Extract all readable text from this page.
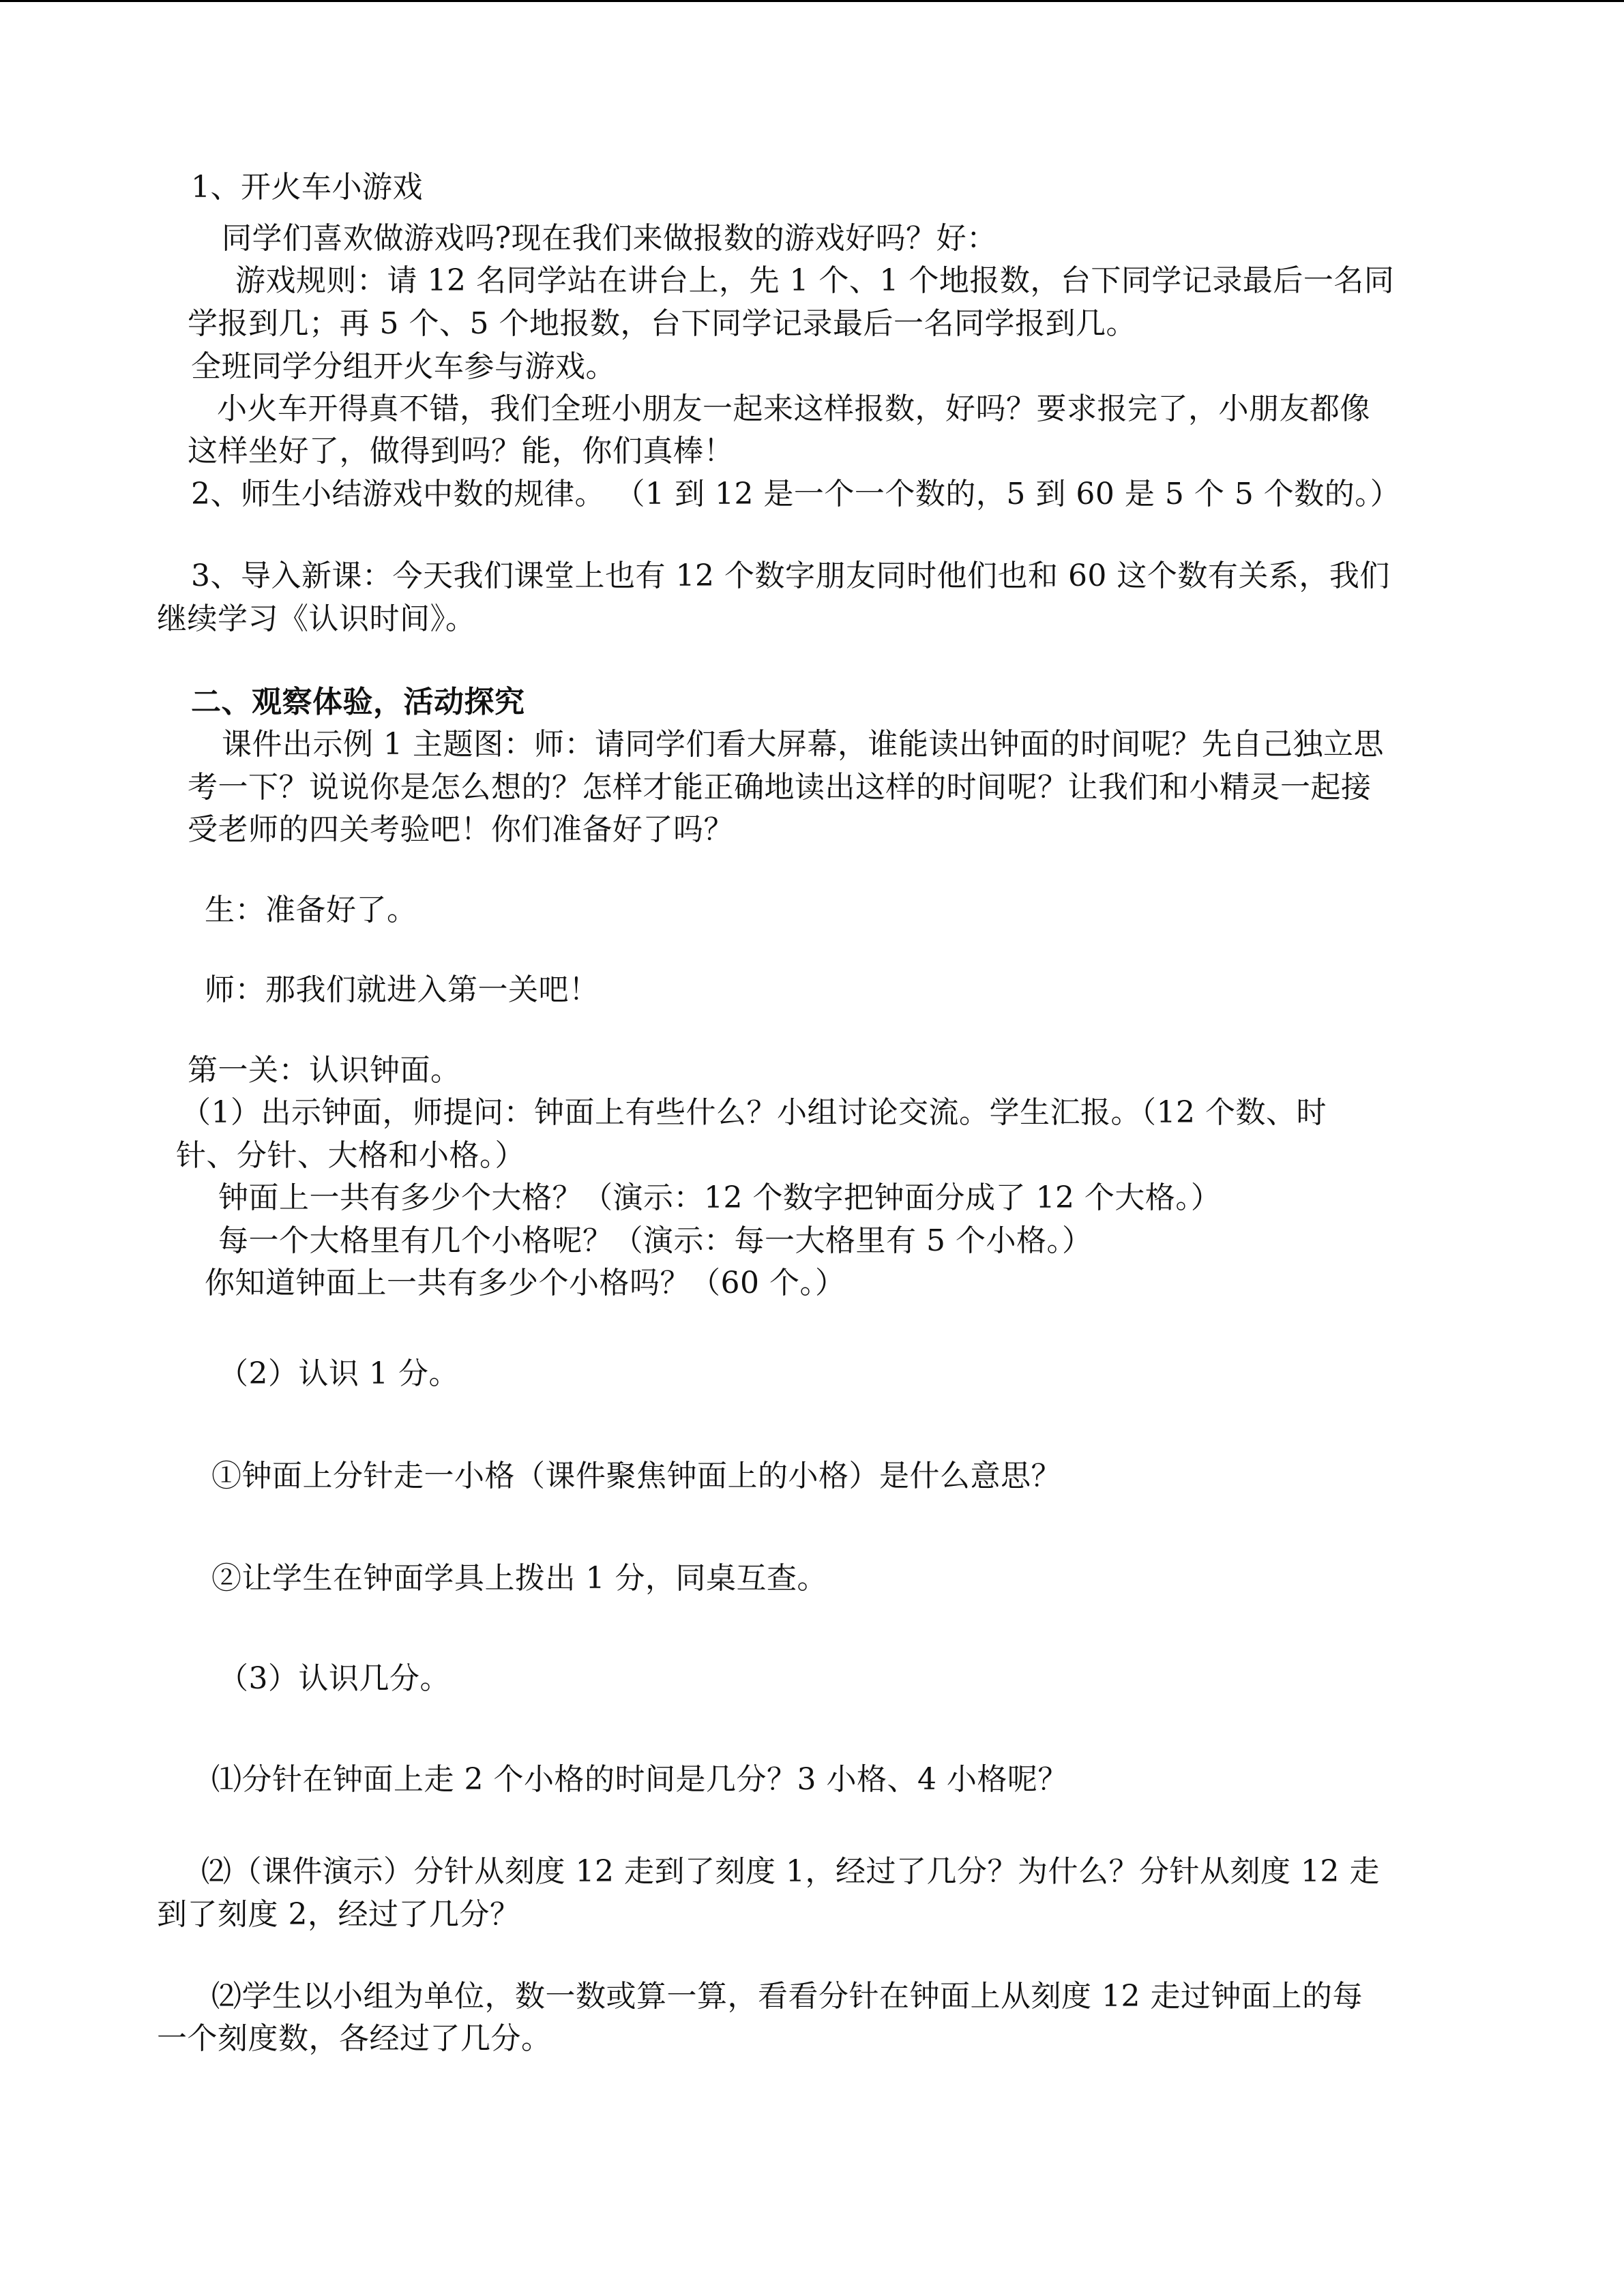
1、开火车小游戏
同学们喜欢做游戏吗?现在我们来做报数的游戏好吗？好：
游戏规则：请 12 名同学站在讲台上，先 1 个、1 个地报数，台下同学记录最后一名同
学报到几；再 5 个、5 个地报数，台下同学记录最后一名同学报到几。
全班同学分组开火车参与游戏。
小火车开得真不错，我们全班小朋友一起来这样报数，好吗？要求报完了，小朋友都像
这样坐好了，做得到吗？能，你们真棒！
2、师生小结游戏中数的规律。 （1 到 12 是一个一个数的，5 到 60 是 5 个 5 个数的。）
3、导入新课：今天我们课堂上也有 12 个数字朋友同时他们也和 60 这个数有关系，我们
继续学习《认识时间》。
二、观察体验，活动探究
课件出示例 1 主题图：师：请同学们看大屏幕，谁能读出钟面的时间呢？先自己独立思
考一下？说说你是怎么想的？怎样才能正确地读出这样的时间呢？让我们和小精灵一起接
受老师的四关考验吧！你们准备好了吗？
生：准备好了。
师：那我们就进入第一关吧！
第一关：认识钟面。
（1）出示钟面，师提问：钟面上有些什么？小组讨论交流。学生汇报。（12 个数、时
针、分针、大格和小格。）
钟面上一共有多少个大格？（演示：12 个数字把钟面分成了 12 个大格。）
每一个大格里有几个小格呢？（演示：每一大格里有 5 个小格。）
你知道钟面上一共有多少个小格吗？（60 个。）
（2）认识 1 分。
①钟面上分针走一小格（课件聚焦钟面上的小格）是什么意思？
②让学生在钟面学具上拨出 1 分，同桌互查。
（3）认识几分。
⑴分针在钟面上走 2 个小格的时间是几分？3 小格、4 小格呢？
⑵（课件演示）分针从刻度 12 走到了刻度 1，经过了几分？为什么？分针从刻度 12 走
到了刻度 2，经过了几分？
⑵学生以小组为单位，数一数或算一算，看看分针在钟面上从刻度 12 走过钟面上的每
一个刻度数，各经过了几分。
